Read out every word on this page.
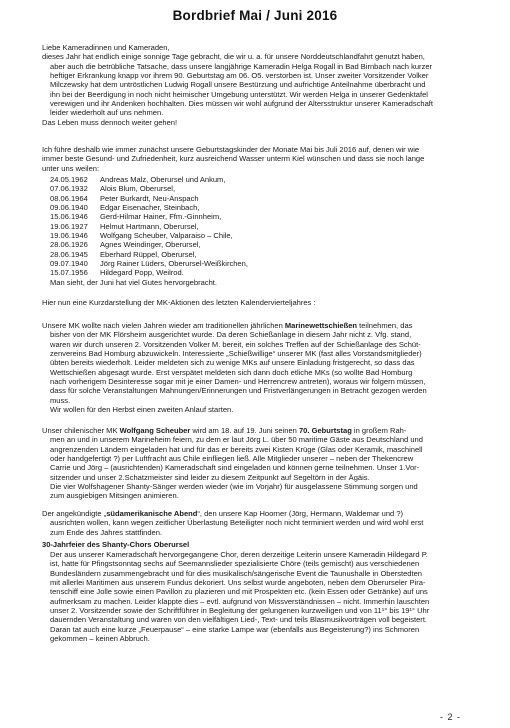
Bordbrief Mai / Juni 2016
Liebe Kameradinnen und Kameraden,
dieses Jahr hat endlich einige sonnige Tage gebracht, die wir u. a. für unsere Norddeutschlandfahrt genutzt haben,
aber auch die betrübliche Tatsache, dass unsere langjährige Kameradin Helga Rogall in Bad Birnbach nach kurzer
heftiger Erkrankung knapp vor ihrem 90. Geburtstag am 06. O5. verstorben ist. Unser zweiter Vorsitzender Volker
Milczewsky hat dem untröstlichen Ludwig Rogall unsere Bestürzung und aufrichtige Anteilnahme überbracht und
ihn bei der Beerdigung in noch nicht heimischer Umgebung unterstützt. Wir werden Helga in unserer Gedenktafel
verewigen und ihr Andenken hochhalten. Dies müssen wir wohl aufgrund der Altersstruktur unserer Kameradschaft
leider wiederholt auf uns nehmen.
Das Leben muss dennoch weiter gehen!
Ich führe deshalb wie immer zunächst unsere Geburtstagskinder der Monate Mai bis Juli 2016 auf, denen wir wie
immer beste Gesund- und Zufriedenheit, kurz ausreichend Wasser unterm Kiel wünschen und dass sie noch lange
unter uns weilen:
24.05.1962	Andreas Malz, Oberursel und Ankum,
07.06.1932	Alois Blum, Oberursel,
08.06.1964	Peter Burkardt, Neu-Anspach
09.06.1940	Edgar Eisenacher, Steinbach,
15.06.1946	Gerd-Hilmar Hainer, Ffm.-Ginnheim,
19.06.1927	Helmut Hartmann, Oberursel,
19.06.1946	Wolfgang Scheuber, Valparaiso – Chile,
28.06.1926	Agnes Weindinger, Oberursel,
28.06.1945	Eberhard Rüppel, Oberursel,
09.07.1940	Jörg Rainer Lüders, Oberursel-Weißkirchen,
15.07.1956	Hildegard Popp, Weilrod.
Man sieht, der Juni hat viel Gutes hervorgebracht.
Hier nun eine Kurzdarstellung der MK-Aktionen des letzten Kalendervierteljahres :
Unsere MK wollte nach vielen Jahren wieder am traditionellen jährlichen Marinewettschießen teilnehmen, das
bisher von der MK Flörsheim ausgerichtet wurde. Da deren Schießanlage in diesem Jahr nicht z. Vfg. stand,
waren wir durch unseren 2. Vorsitzenden Volker M. bereit, ein solches Treffen auf der Schießanlage des Schüt-
zenvereins Bad Homburg abzuwickeln. Interessierte „Schießwillige“ unserer MK (fast alles Vorstandsmitglieder)
übten bereits wiederholt. Leider meldeten sich zu wenige MKs auf unsere Einladung fristgerecht, so dass das
Wettschießen abgesagt wurde. Erst verspätet meldeten sich dann doch etliche MKs (so wollte Bad Homburg
nach vorherigem Desinteresse sogar mit je einer Damen- und Herrencrew antreten), woraus wir folgern müssen,
dass für solche Veranstaltungen Mahnungen/Erinnerungen und Fristverlängerungen in Betracht gezogen werden
muss.
Wir wollen für den Herbst einen zweiten Anlauf starten.
Unser chilenischer MK Wolfgang Scheuber wird am 18. auf 19. Juni seinen 70. Geburtstag in großem Rah-
men an und in unserem Marineheim feiern, zu dem er laut Jörg L. über 50 maritime Gäste aus Deutschland und
angrenzenden Ländern eingeladen hat und für das er bereits zwei Kisten Krüge (Glas oder Keramik, maschinell
oder handgefertigt ?) per Luftfracht aus Chile einfliegen ließ. Alle Mitglieder unserer – neben der Thekencrew
Carrie und Jörg – (ausrichtenden) Kameradschaft sind eingeladen und können gerne teilnehmen. Unser 1.Vor-
sitzender und unser 2.Schatzmeister sind leider zu diesem Zeitpunkt auf Segeltörn in der Ägäis.
Die vier Wolfshagener Shanty-Sänger werden wieder (wie im Vorjahr) für ausgelassene Stimmung sorgen und
zum ausgiebigen Mitsingen animieren.
Der angekündigte „südamerikanische Abend“, den unsere Kap Hoorner (Jörg, Hermann, Waldemar und ?)
ausrichten wollen, kann wegen zeitlicher Überlastung Beteiligter noch nicht terminiert werden und wird wohl erst
zum Ende des Jahres stattfinden.
30-Jahrfeier des Shanty-Chors Oberursel
Der aus unserer Kameradschaft hervorgegangene Chor, deren derzeitige Leiterin unsere Kameradin Hildegard P.
ist, hatte für Pfingstsonntag sechs auf Seemannslieder spezialisierte Chöre (teils gemischt) aus verschiedenen
Bundesländern zusammengebracht und für dies musikalisch/sängerische Event die Taunushalle in Oberstedten
mit allerlei Maritimen aus unserem Fundus dekoriert. Uns selbst wurde angeboten, neben dem Oberurseler Pira-
tenschiff eine Jolle sowie einen Pavillon zu plazieren und mit Prospekten etc. (kein Essen oder Getränke) auf uns
aufmerksam zu machen. Leider klappte dies – evtl. aufgrund von Missverständnissen – nicht. Immerhin lauschten
unser 2. Vorsitzender sowie der Schriftführer in Begleitung der gelungenen kurzweiligen und von 11¹° bis 19¹° Uhr
dauernden Veranstaltung und waren von den vielfältigen Lied-, Text- und teils Blasmusikvorträgen voll begeistert.
Daran tat auch eine kurze „Feuerpause“ – eine starke Lampe war (ebenfalls aus Begeisterung?) ins Schmoren
gekommen – keinen Abbruch.
- 2 -
